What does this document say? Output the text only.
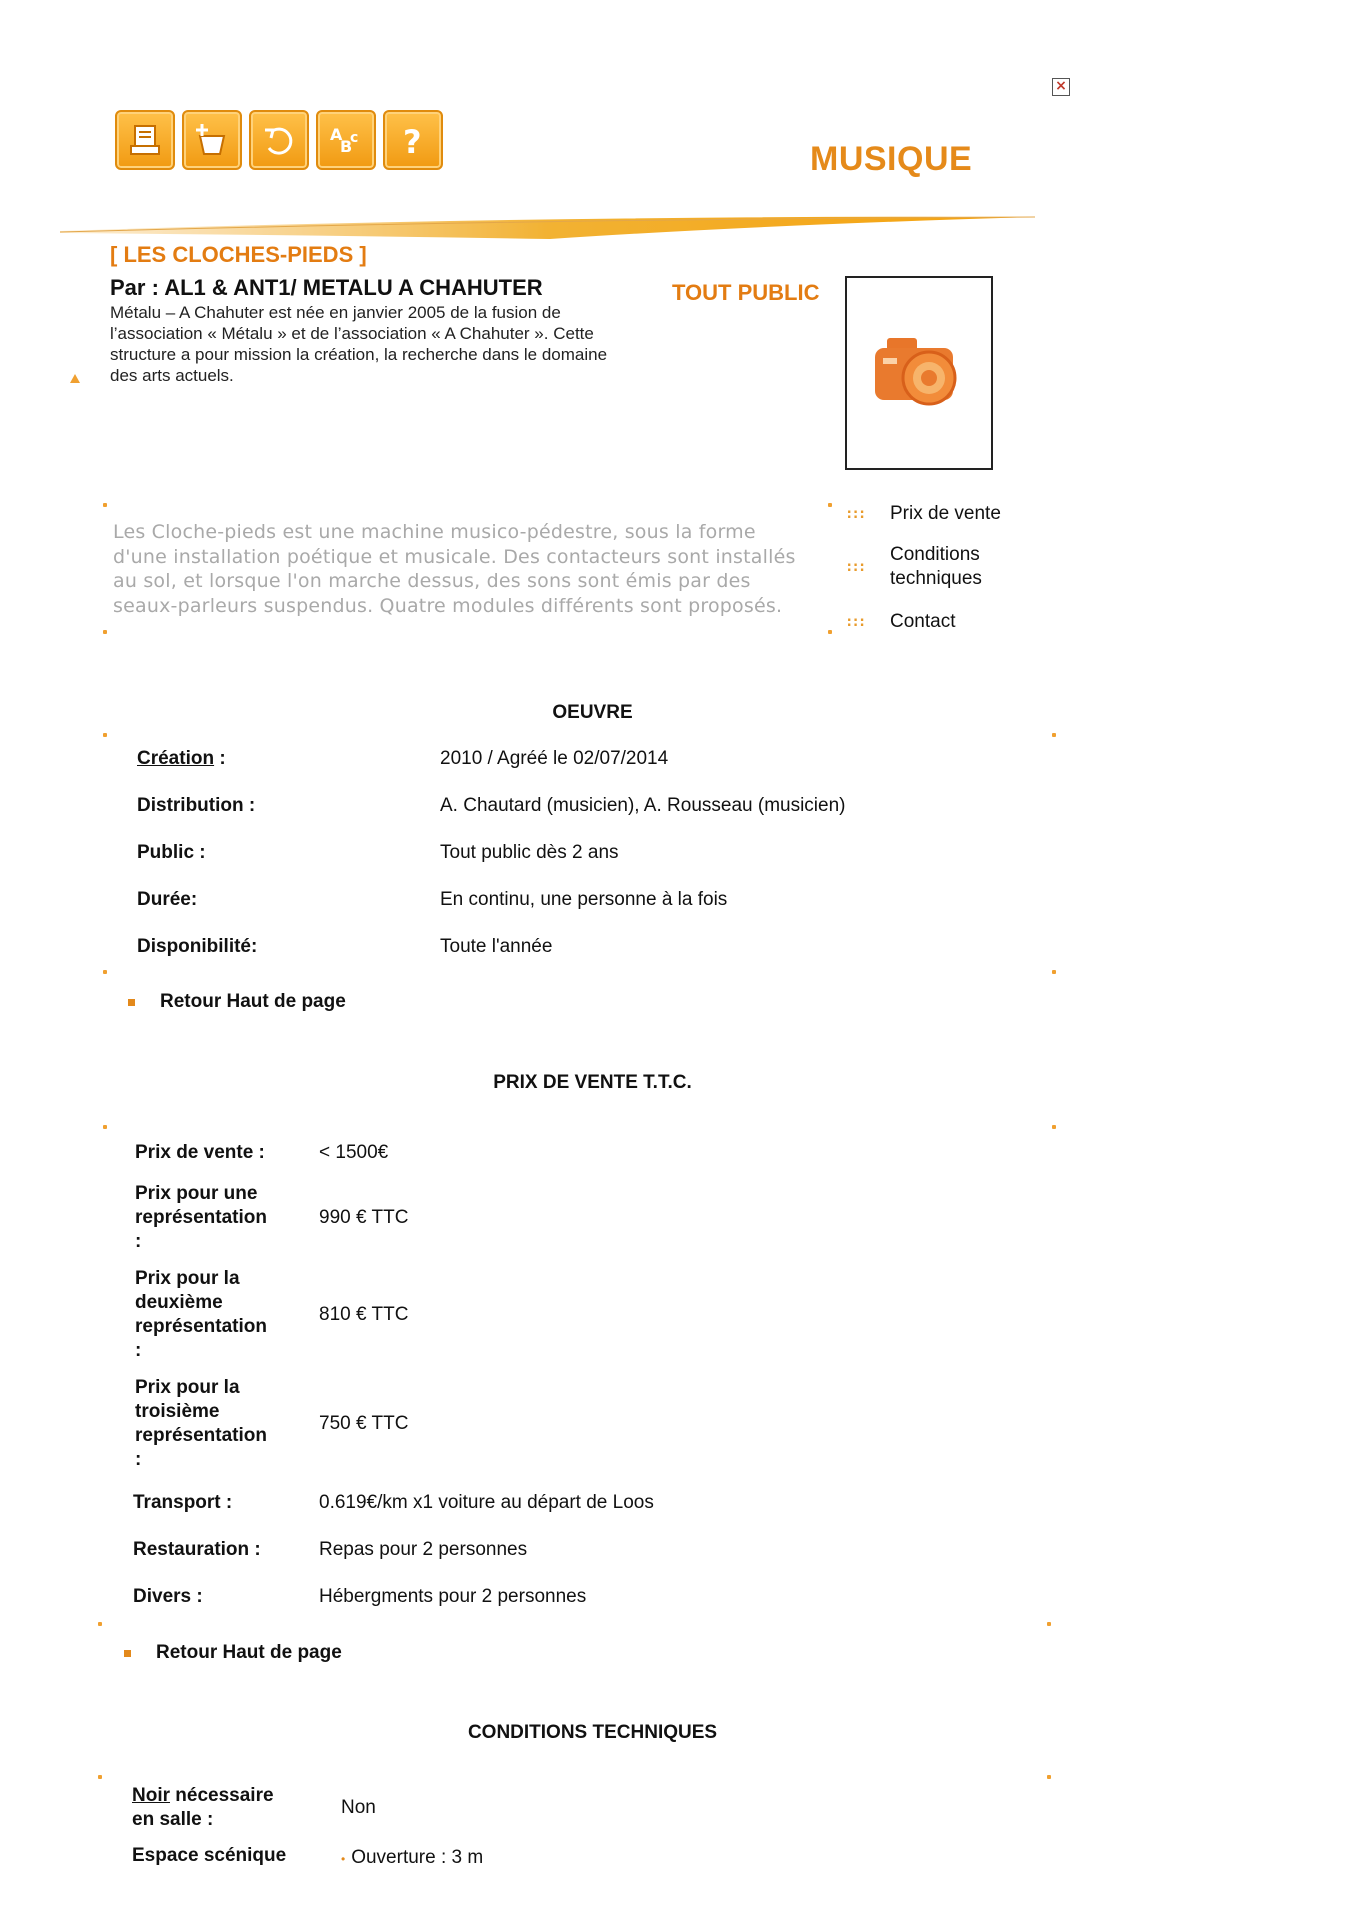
×
A
B
c ?	MUSIQUE
[ LES CLOCHES-PIEDS ]
Par : AL1 & ANT1/ METALU A CHAHUTER
Métalu – A Chahuter est née en janvier 2005 de la fusion de
l’association « Métalu » et de l’association « A Chahuter ». Cette
structure a pour mission la création, la recherche dans le domaine
des arts actuels.
TOUT PUBLIC
Les Cloche-pieds est une machine musico-pédestre, sous la forme
d'une installation poétique et musicale. Des contacteurs sont installés
au sol, et lorsque l'on marche dessus, des sons sont émis par des
seaux-parleurs suspendus. Quatre modules différents sont proposés.
::: Prix de vente
:::
Conditions techniques
::: Contact
OEUVRE
Création :	2010 / Agréé le 02/07/2014
Distribution :	A. Chautard (musicien), A. Rousseau (musicien)
Public :	Tout public dès 2 ans
Durée:	En continu, une personne à la fois
Disponibilité:	Toute l'année
Retour Haut de page
PRIX DE VENTE T.T.C.
Prix de vente :	< 1500€
Prix pour une
représentation
:
990 € TTC
Prix pour la
deuxième
représentation
:
810 € TTC
Prix pour la
troisième
représentation
:
750 € TTC
Transport :	0.619€/km x1 voiture au départ de Loos
Restauration :	Repas pour 2 personnes
Divers :	Hébergments pour 2 personnes
Retour Haut de page
CONDITIONS TECHNIQUES
Noir nécessaire
en salle :
Non
Espace scénique	• Ouverture : 3 m
